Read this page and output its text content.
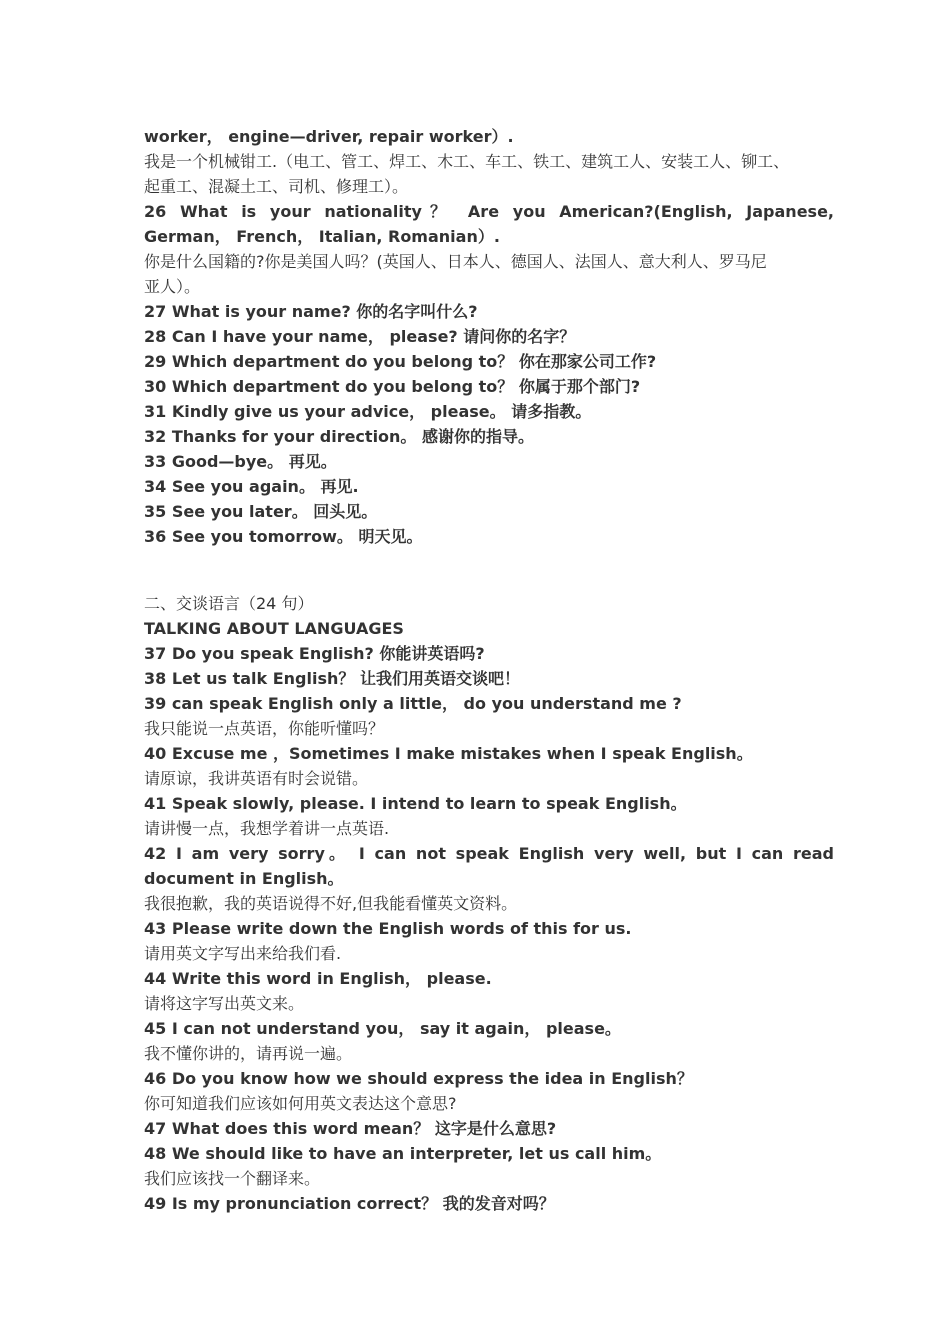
worker， engine—driver, repair worker）.
我是一个机械钳工.（电工、管工、焊工、木工、车工、铁工、建筑工人、安装工人、铆工、
起重工、混凝土工、司机、修理工）。
26 What is your nationality？ Are you American?(English, Japanese,
German， French， Italian, Romanian）.
你是什么国籍的?你是美国人吗？(英国人、日本人、德国人、法国人、意大利人、罗马尼
亚人）。
27 What is your name? 你的名字叫什么?
28 Can I have your name， please? 请问你的名字？
29 Which department do you belong to？ 你在那家公司工作?
30 Which department do you belong to？ 你属于那个部门?
31 Kindly give us your advice， please。 请多指教。
32 Thanks for your direction。 感谢你的指导。
33 Good—bye。 再见。
34 See you again。 再见.
35 See you later。 回头见。
36 See you tomorrow。 明天见。
二、交谈语言（24 句）
TALKING ABOUT LANGUAGES
37 Do you speak English? 你能讲英语吗?
38 Let us talk English？ 让我们用英语交谈吧！
39 can speak English only a little， do you understand me ?
我只能说一点英语，你能听懂吗？
40 Excuse me ，Sometimes I make mistakes when I speak English。
请原谅，我讲英语有时会说错。
41 Speak slowly, please. I intend to learn to speak English。
请讲慢一点，我想学着讲一点英语.
42 I am very sorry。 I can not speak English very well, but I can read
document in English。
我很抱歉，我的英语说得不好,但我能看懂英文资料。
43 Please write down the English words of this for us.
请用英文字写出来给我们看.
44 Write this word in English， please.
请将这字写出英文来。
45 I can not understand you， say it again， please。
我不懂你讲的，请再说一遍。
46 Do you know how we should express the idea in English？
你可知道我们应该如何用英文表达这个意思?
47 What does this word mean？ 这字是什么意思?
48 We should like to have an interpreter, let us call him。
我们应该找一个翻译来。
49 Is my pronunciation correct？ 我的发音对吗？
